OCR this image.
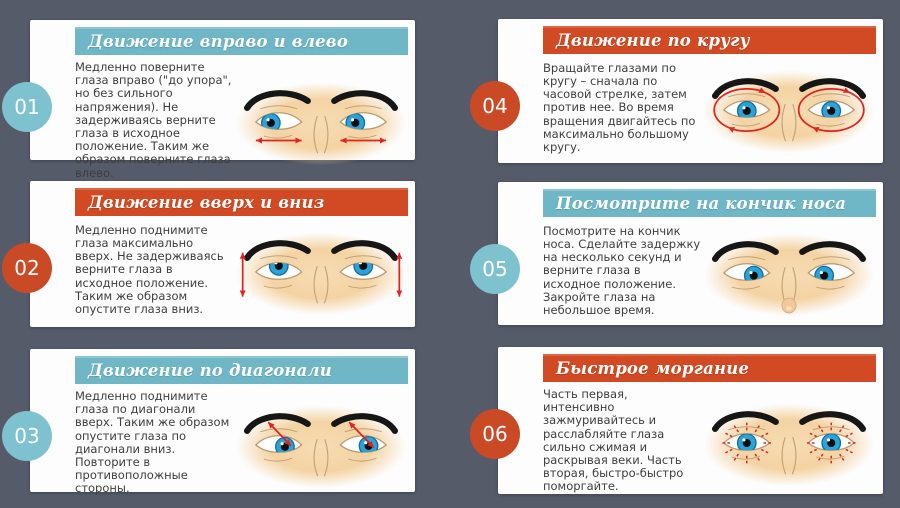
01
Движение вправо и влево

Медленно поверните глаза вправо ("до упора", но без сильного напряжения). Не задерживаясь верните глаза в исходное положение. Таким же образом поверните глаза влево.

02
Движение вверх и вниз

Медленно поднимите глаза максимально вверх. Не задерживаясь верните глаза в исходное положение. Таким же образом опустите глаза вниз.

03
Движение по диагонали

Медленно поднимите глаза по диагонали вверх. Таким же образом опустите глаза по диагонали вниз. Повторите в противоположные стороны.

04
Движение по кругу

Вращайте глазами по кругу – сначала по часовой стрелке, затем против нее. Во время вращения двигайтесь по максимально большому кругу.

05
Посмотрите на кончик носа

Посмотрите на кончик носа. Сделайте задержку на несколько секунд и верните глаза в исходное положение. Закройте глаза на небольшое время.

06
Быстрое моргание

Часть первая, интенсивно зажмуривайтесь и расслабляйте глаза сильно сжимая и раскрывая веки. Часть вторая, быстро-быстро поморгайте.
